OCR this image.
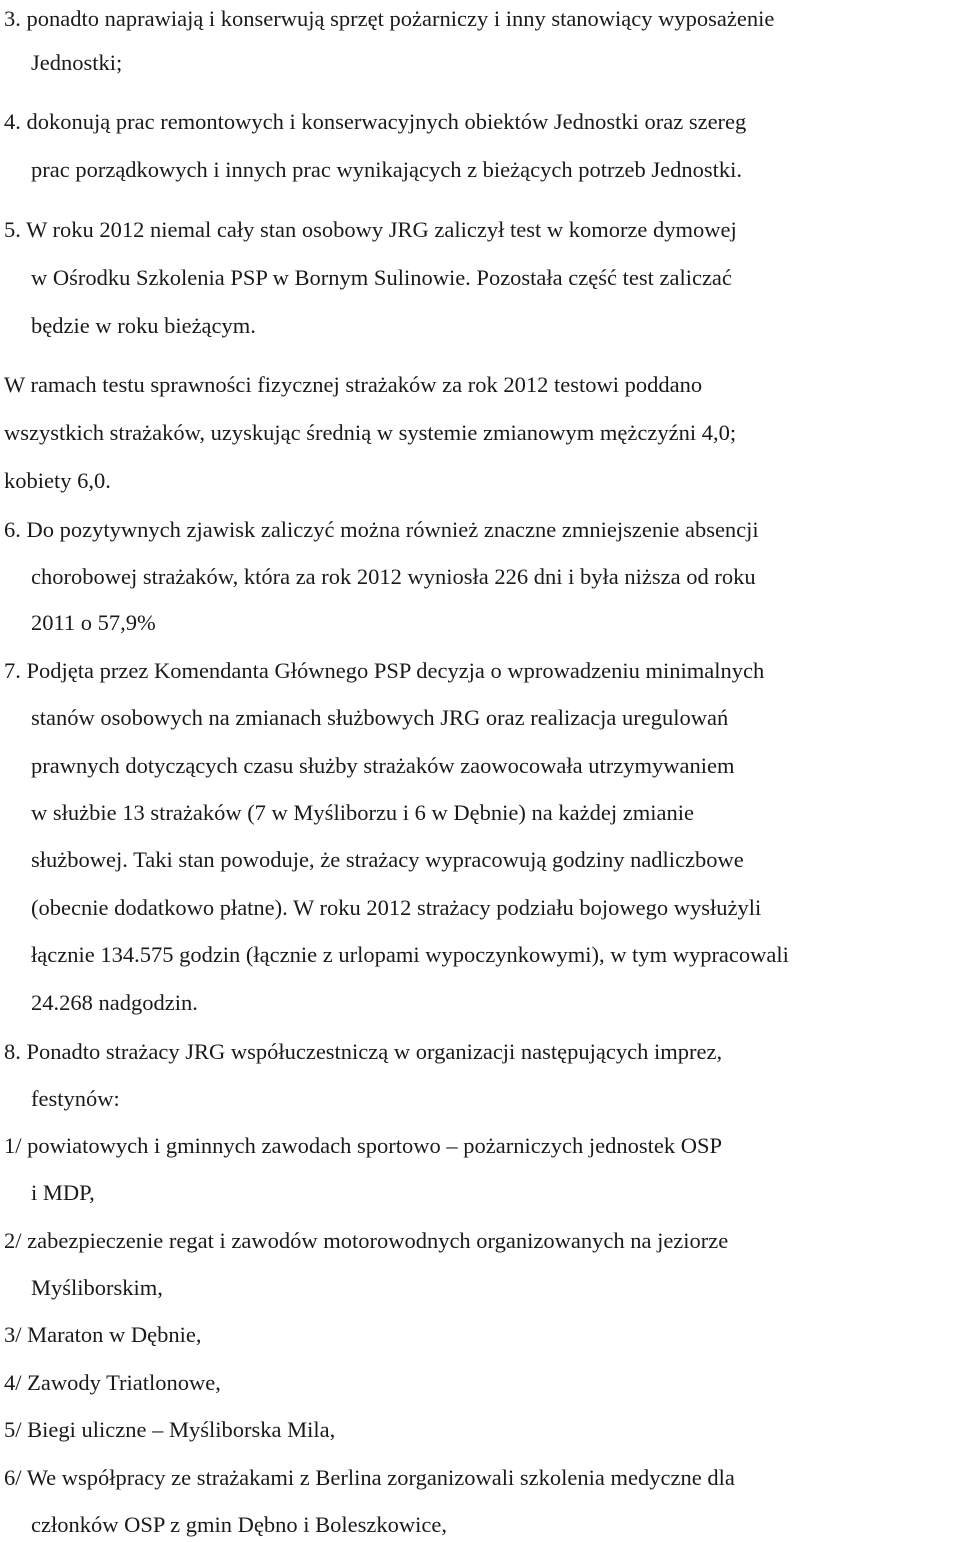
3. ponadto naprawiają i konserwują sprzęt pożarniczy i inny stanowiący wyposażenie
Jednostki;
4. dokonują prac remontowych i konserwacyjnych obiektów Jednostki oraz szereg
prac porządkowych i innych prac wynikających z bieżących potrzeb Jednostki.
5. W roku 2012 niemal cały stan osobowy JRG zaliczył test w komorze dymowej
w Ośrodku Szkolenia PSP w Bornym Sulinowie. Pozostała część test zaliczać
będzie w roku bieżącym.
W ramach testu sprawności fizycznej strażaków za rok 2012 testowi poddano
wszystkich strażaków, uzyskując średnią w systemie zmianowym mężczyźni 4,0;
kobiety 6,0.
6. Do pozytywnych zjawisk zaliczyć można również znaczne zmniejszenie absencji
chorobowej strażaków, która za rok 2012 wyniosła 226 dni i była niższa od roku
2011 o 57,9%
7. Podjęta przez Komendanta Głównego PSP decyzja o wprowadzeniu minimalnych
stanów osobowych na zmianach służbowych JRG oraz realizacja uregulowań
prawnych dotyczących czasu służby strażaków zaowocowała utrzymywaniem
w służbie 13 strażaków (7 w Myśliborzu i 6 w Dębnie) na każdej zmianie
służbowej. Taki stan powoduje, że strażacy wypracowują godziny nadliczbowe
(obecnie dodatkowo płatne). W roku 2012 strażacy podziału bojowego wysłużyli
łącznie 134.575 godzin (łącznie z urlopami wypoczynkowymi), w tym wypracowali
24.268 nadgodzin.
8. Ponadto strażacy JRG współuczestniczą w organizacji następujących imprez,
festynów:
1/ powiatowych i gminnych zawodach sportowo – pożarniczych jednostek OSP
i MDP,
2/ zabezpieczenie regat i zawodów motorowodnych organizowanych na jeziorze
Myśliborskim,
3/ Maraton w Dębnie,
4/ Zawody Triatlonowe,
5/ Biegi uliczne – Myśliborska Mila,
6/ We współpracy ze strażakami z Berlina zorganizowali szkolenia medyczne dla
członków OSP z gmin Dębno i Boleszkowice,
